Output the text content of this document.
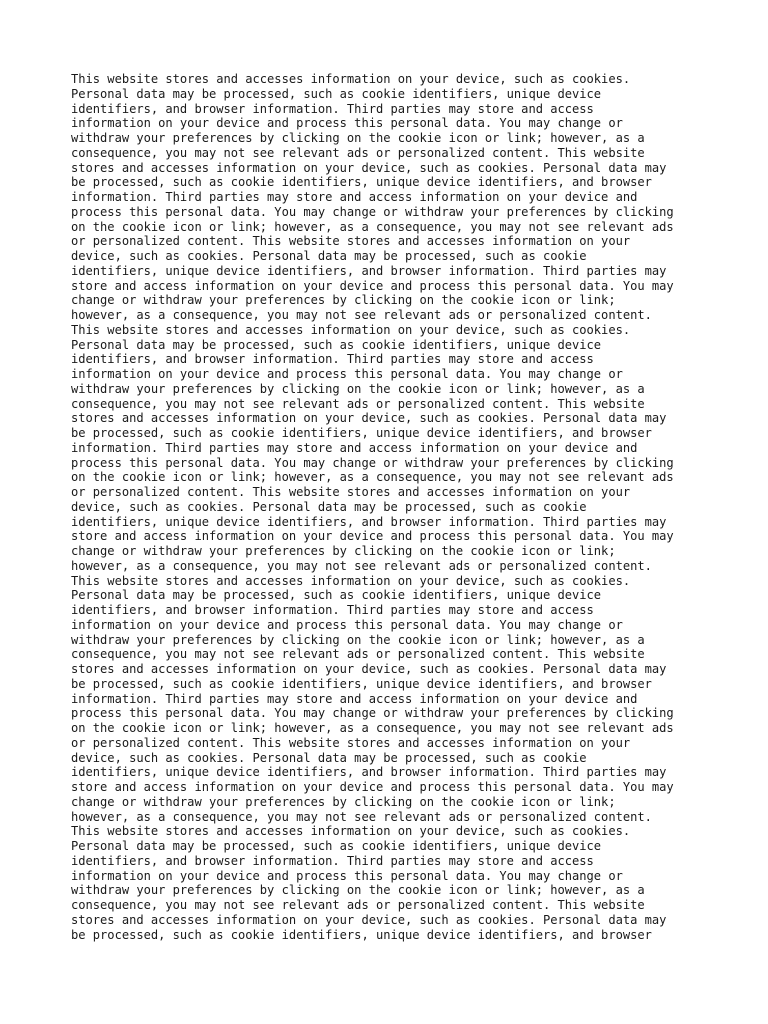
This website stores and accesses information on your device, such as cookies.
Personal data may be processed, such as cookie identifiers, unique device
identifiers, and browser information. Third parties may store and access
information on your device and process this personal data. You may change or
withdraw your preferences by clicking on the cookie icon or link; however, as a
consequence, you may not see relevant ads or personalized content. This website
stores and accesses information on your device, such as cookies. Personal data may
be processed, such as cookie identifiers, unique device identifiers, and browser
information. Third parties may store and access information on your device and
process this personal data. You may change or withdraw your preferences by clicking
on the cookie icon or link; however, as a consequence, you may not see relevant ads
or personalized content. This website stores and accesses information on your
device, such as cookies. Personal data may be processed, such as cookie
identifiers, unique device identifiers, and browser information. Third parties may
store and access information on your device and process this personal data. You may
change or withdraw your preferences by clicking on the cookie icon or link;
however, as a consequence, you may not see relevant ads or personalized content.
This website stores and accesses information on your device, such as cookies.
Personal data may be processed, such as cookie identifiers, unique device
identifiers, and browser information. Third parties may store and access
information on your device and process this personal data. You may change or
withdraw your preferences by clicking on the cookie icon or link; however, as a
consequence, you may not see relevant ads or personalized content. This website
stores and accesses information on your device, such as cookies. Personal data may
be processed, such as cookie identifiers, unique device identifiers, and browser
information. Third parties may store and access information on your device and
process this personal data. You may change or withdraw your preferences by clicking
on the cookie icon or link; however, as a consequence, you may not see relevant ads
or personalized content. This website stores and accesses information on your
device, such as cookies. Personal data may be processed, such as cookie
identifiers, unique device identifiers, and browser information. Third parties may
store and access information on your device and process this personal data. You may
change or withdraw your preferences by clicking on the cookie icon or link;
however, as a consequence, you may not see relevant ads or personalized content.
This website stores and accesses information on your device, such as cookies.
Personal data may be processed, such as cookie identifiers, unique device
identifiers, and browser information. Third parties may store and access
information on your device and process this personal data. You may change or
withdraw your preferences by clicking on the cookie icon or link; however, as a
consequence, you may not see relevant ads or personalized content. This website
stores and accesses information on your device, such as cookies. Personal data may
be processed, such as cookie identifiers, unique device identifiers, and browser
information. Third parties may store and access information on your device and
process this personal data. You may change or withdraw your preferences by clicking
on the cookie icon or link; however, as a consequence, you may not see relevant ads
or personalized content. This website stores and accesses information on your
device, such as cookies. Personal data may be processed, such as cookie
identifiers, unique device identifiers, and browser information. Third parties may
store and access information on your device and process this personal data. You may
change or withdraw your preferences by clicking on the cookie icon or link;
however, as a consequence, you may not see relevant ads or personalized content.
This website stores and accesses information on your device, such as cookies.
Personal data may be processed, such as cookie identifiers, unique device
identifiers, and browser information. Third parties may store and access
information on your device and process this personal data. You may change or
withdraw your preferences by clicking on the cookie icon or link; however, as a
consequence, you may not see relevant ads or personalized content. This website
stores and accesses information on your device, such as cookies. Personal data may
be processed, such as cookie identifiers, unique device identifiers, and browser
